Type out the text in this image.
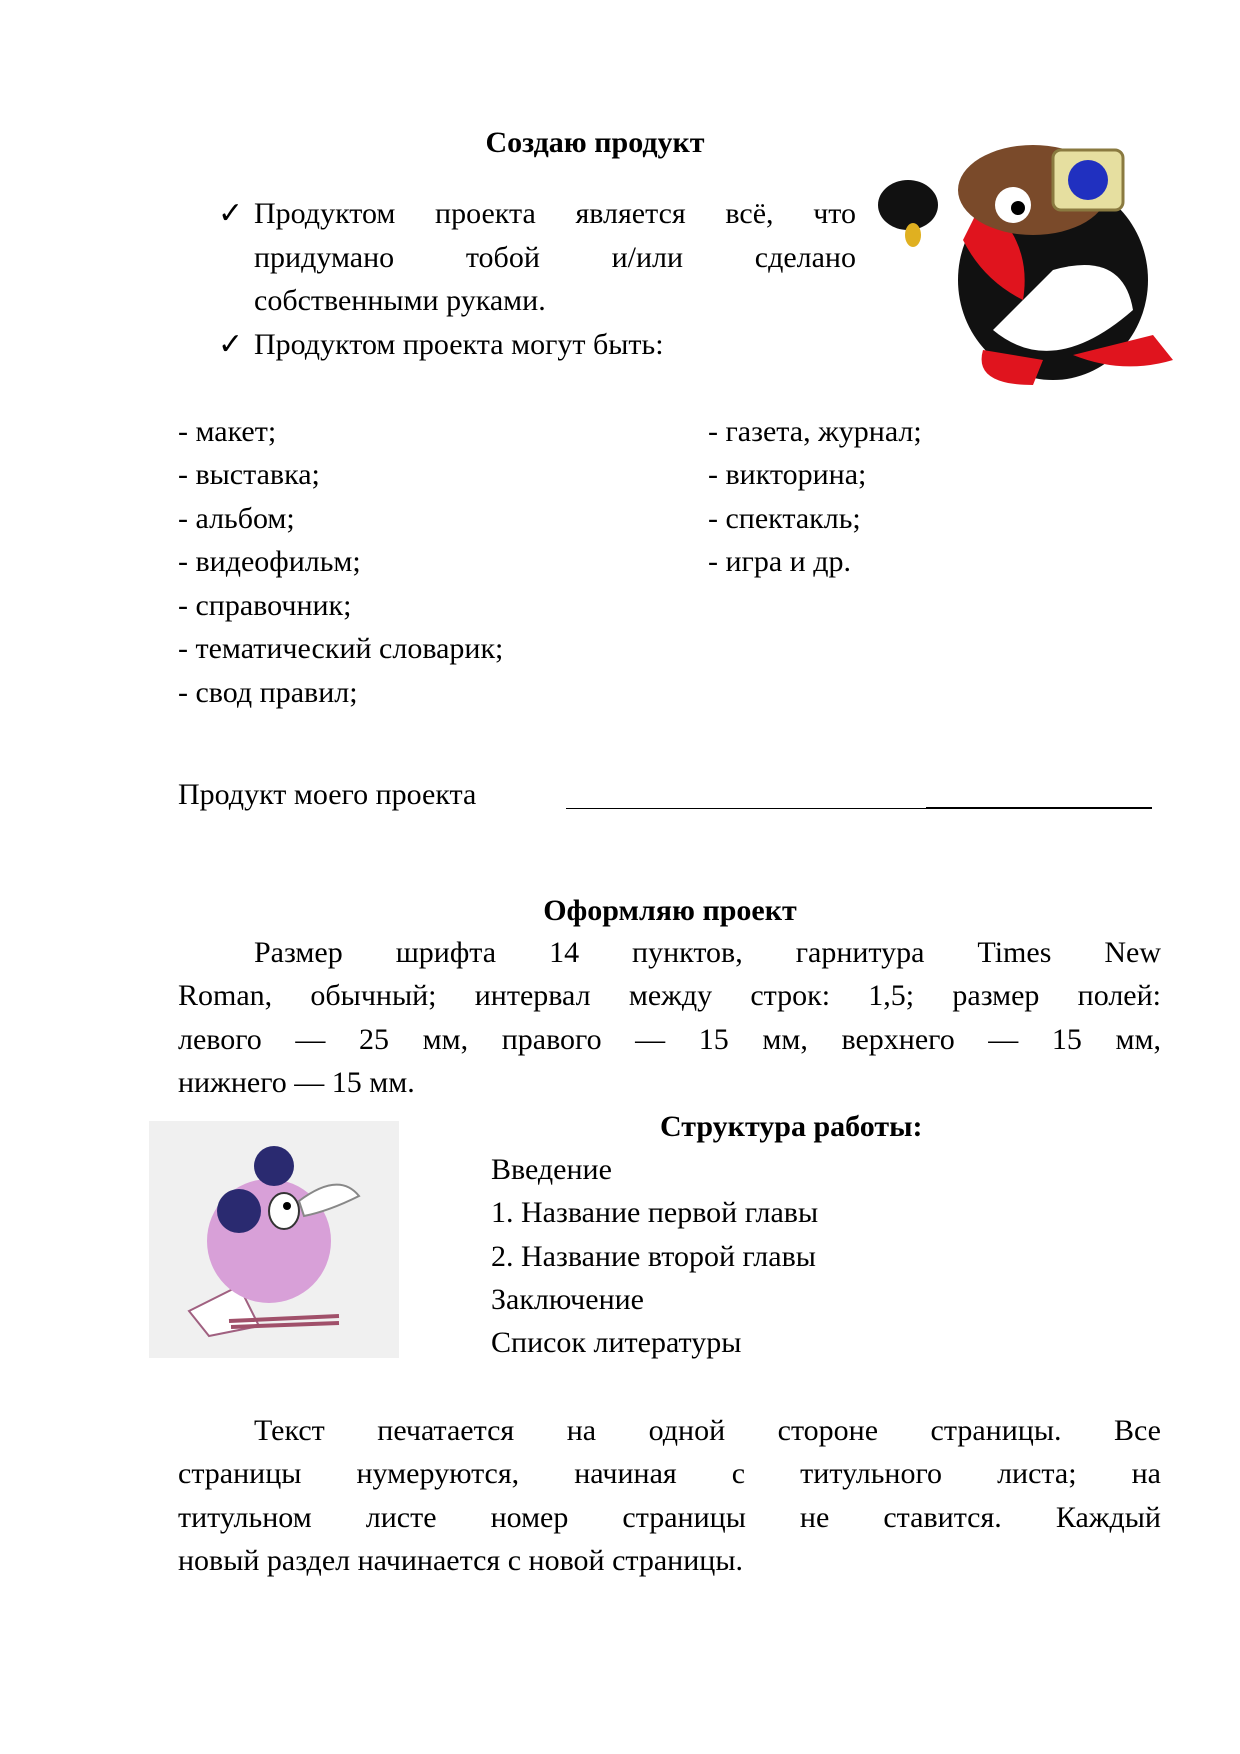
Создаю продукт
✓ Продуктом проекта является всё, что
придумано тобой и/или сделано
собственными руками.
✓ Продуктом проекта могут быть:
- макет;
- выставка;
- альбом;
- видеофильм;
- справочник;
- тематический словарик;
- свод правил;
- газета, журнал;
- викторина;
- спектакль;
- игра и др.
Продукт моего проекта
Оформляю проект
Размер шрифта 14 пунктов, гарнитура Times New
Roman, обычный; интервал между строк: 1,5; размер полей:
левого — 25 мм, правого — 15 мм, верхнего — 15 мм,
нижнего — 15 мм.
Структура работы:
Введение
1. Название первой главы
2. Название второй главы
Заключение
Список литературы
Текст печатается на одной стороне страницы. Все
страницы нумеруются, начиная с титульного листа; на
титульном листе номер страницы не ставится. Каждый
новый раздел начинается с новой страницы.
